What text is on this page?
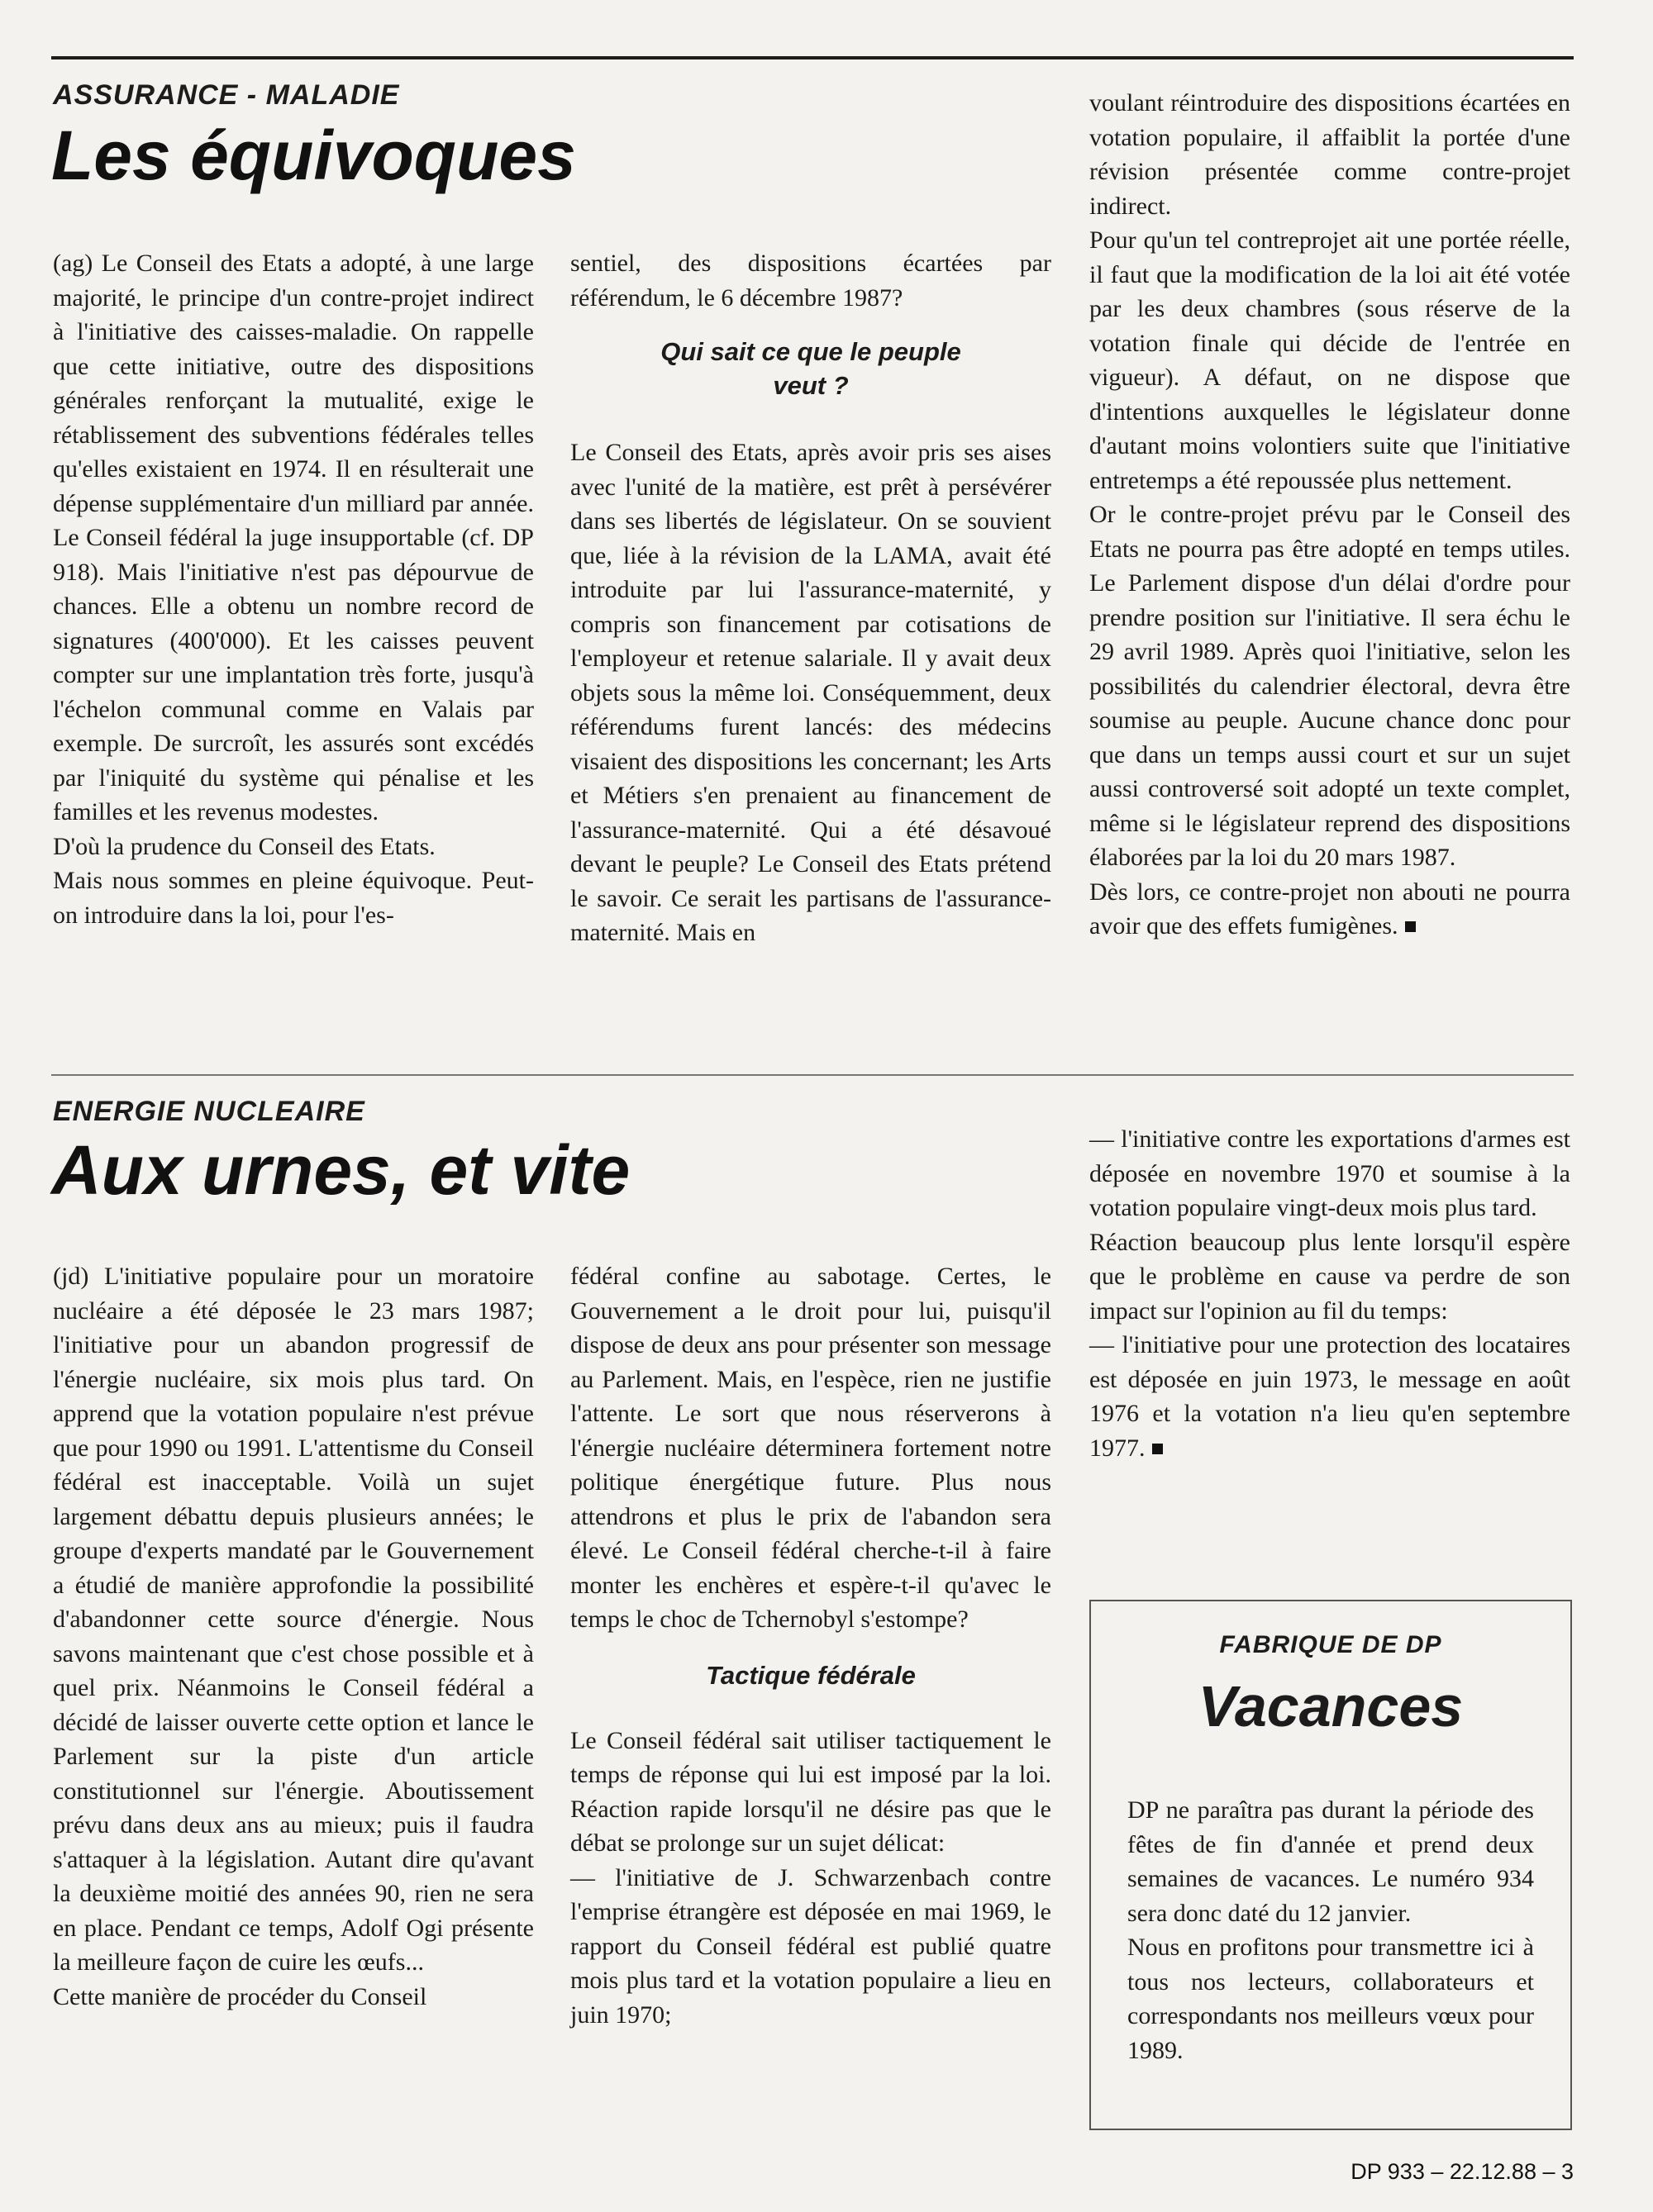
ASSURANCE - MALADIE
Les équivoques

(ag) Le Conseil des Etats a adopté, à une large majorité, le principe d'un contre-projet indirect à l'initiative des caisses-maladie. On rappelle que cette initiative, outre des dispositions générales renforçant la mutualité, exige le rétablissement des subventions fédérales telles qu'elles existaient en 1974. Il en résulterait une dépense supplémentaire d'un milliard par année. Le Conseil fédéral la juge insupportable (cf. DP 918). Mais l'initiative n'est pas dépourvue de chances. Elle a obtenu un nombre record de signatures (400'000). Et les caisses peuvent compter sur une implantation très forte, jusqu'à l'échelon communal comme en Valais par exemple. De surcroît, les assurés sont excédés par l'iniquité du système qui pénalise et les familles et les revenus modestes.

D'où la prudence du Conseil des Etats.

Mais nous sommes en pleine équivoque. Peut-on introduire dans la loi, pour l'es-

sentiel, des dispositions écartées par référendum, le 6 décembre 1987?

Qui sait ce que le peuple veut ?

Le Conseil des Etats, après avoir pris ses aises avec l'unité de la matière, est prêt à persévérer dans ses libertés de législateur. On se souvient que, liée à la révision de la LAMA, avait été introduite par lui l'assurance-maternité, y compris son financement par cotisations de l'employeur et retenue salariale. Il y avait deux objets sous la même loi. Conséquemment, deux référendums furent lancés: des médecins visaient des dispositions les concernant; les Arts et Métiers s'en prenaient au financement de l'assurance-maternité. Qui a été désavoué devant le peuple? Le Conseil des Etats prétend le savoir. Ce serait les partisans de l'assurance-maternité. Mais en

voulant réintroduire des dispositions écartées en votation populaire, il affaiblit la portée d'une révision présentée comme contre-projet indirect.

Pour qu'un tel contreprojet ait une portée réelle, il faut que la modification de la loi ait été votée par les deux chambres (sous réserve de la votation finale qui décide de l'entrée en vigueur). A défaut, on ne dispose que d'intentions auxquelles le législateur donne d'autant moins volontiers suite que l'initiative entretemps a été repoussée plus nettement.

Or le contre-projet prévu par le Conseil des Etats ne pourra pas être adopté en temps utiles. Le Parlement dispose d'un délai d'ordre pour prendre position sur l'initiative. Il sera échu le 29 avril 1989. Après quoi l'initiative, selon les possibilités du calendrier électoral, devra être soumise au peuple. Aucune chance donc pour que dans un temps aussi court et sur un sujet aussi controversé soit adopté un texte complet, même si le législateur reprend des dispositions élaborées par la loi du 20 mars 1987.

Dès lors, ce contre-projet non abouti ne pourra avoir que des effets fumigènes.

ENERGIE NUCLEAIRE
Aux urnes, et vite

(jd) L'initiative populaire pour un moratoire nucléaire a été déposée le 23 mars 1987; l'initiative pour un abandon progressif de l'énergie nucléaire, six mois plus tard. On apprend que la votation populaire n'est prévue que pour 1990 ou 1991. L'attentisme du Conseil fédéral est inacceptable. Voilà un sujet largement débattu depuis plusieurs années; le groupe d'experts mandaté par le Gouvernement a étudié de manière approfondie la possibilité d'abandonner cette source d'énergie. Nous savons maintenant que c'est chose possible et à quel prix. Néanmoins le Conseil fédéral a décidé de laisser ouverte cette option et lance le Parlement sur la piste d'un article constitutionnel sur l'énergie. Aboutissement prévu dans deux ans au mieux; puis il faudra s'attaquer à la législation. Autant dire qu'avant la deuxième moitié des années 90, rien ne sera en place. Pendant ce temps, Adolf Ogi présente la meilleure façon de cuire les œufs...

Cette manière de procéder du Conseil

fédéral confine au sabotage. Certes, le Gouvernement a le droit pour lui, puisqu'il dispose de deux ans pour présenter son message au Parlement. Mais, en l'espèce, rien ne justifie l'attente. Le sort que nous réserverons à l'énergie nucléaire déterminera fortement notre politique énergétique future. Plus nous attendrons et plus le prix de l'abandon sera élevé. Le Conseil fédéral cherche-t-il à faire monter les enchères et espère-t-il qu'avec le temps le choc de Tchernobyl s'estompe?

Tactique fédérale

Le Conseil fédéral sait utiliser tactiquement le temps de réponse qui lui est imposé par la loi. Réaction rapide lorsqu'il ne désire pas que le débat se prolonge sur un sujet délicat:

— l'initiative de J. Schwarzenbach contre l'emprise étrangère est déposée en mai 1969, le rapport du Conseil fédéral est publié quatre mois plus tard et la votation populaire a lieu en juin 1970;

— l'initiative contre les exportations d'armes est déposée en novembre 1970 et soumise à la votation populaire vingt-deux mois plus tard.

Réaction beaucoup plus lente lorsqu'il espère que le problème en cause va perdre de son impact sur l'opinion au fil du temps:

— l'initiative pour une protection des locataires est déposée en juin 1973, le message en août 1976 et la votation n'a lieu qu'en septembre 1977.

FABRIQUE DE DP
Vacances

DP ne paraîtra pas durant la période des fêtes de fin d'année et prend deux semaines de vacances. Le numéro 934 sera donc daté du 12 janvier.

Nous en profitons pour transmettre ici à tous nos lecteurs, collaborateurs et correspondants nos meilleurs vœux pour 1989.

DP 933 – 22.12.88 – 3
